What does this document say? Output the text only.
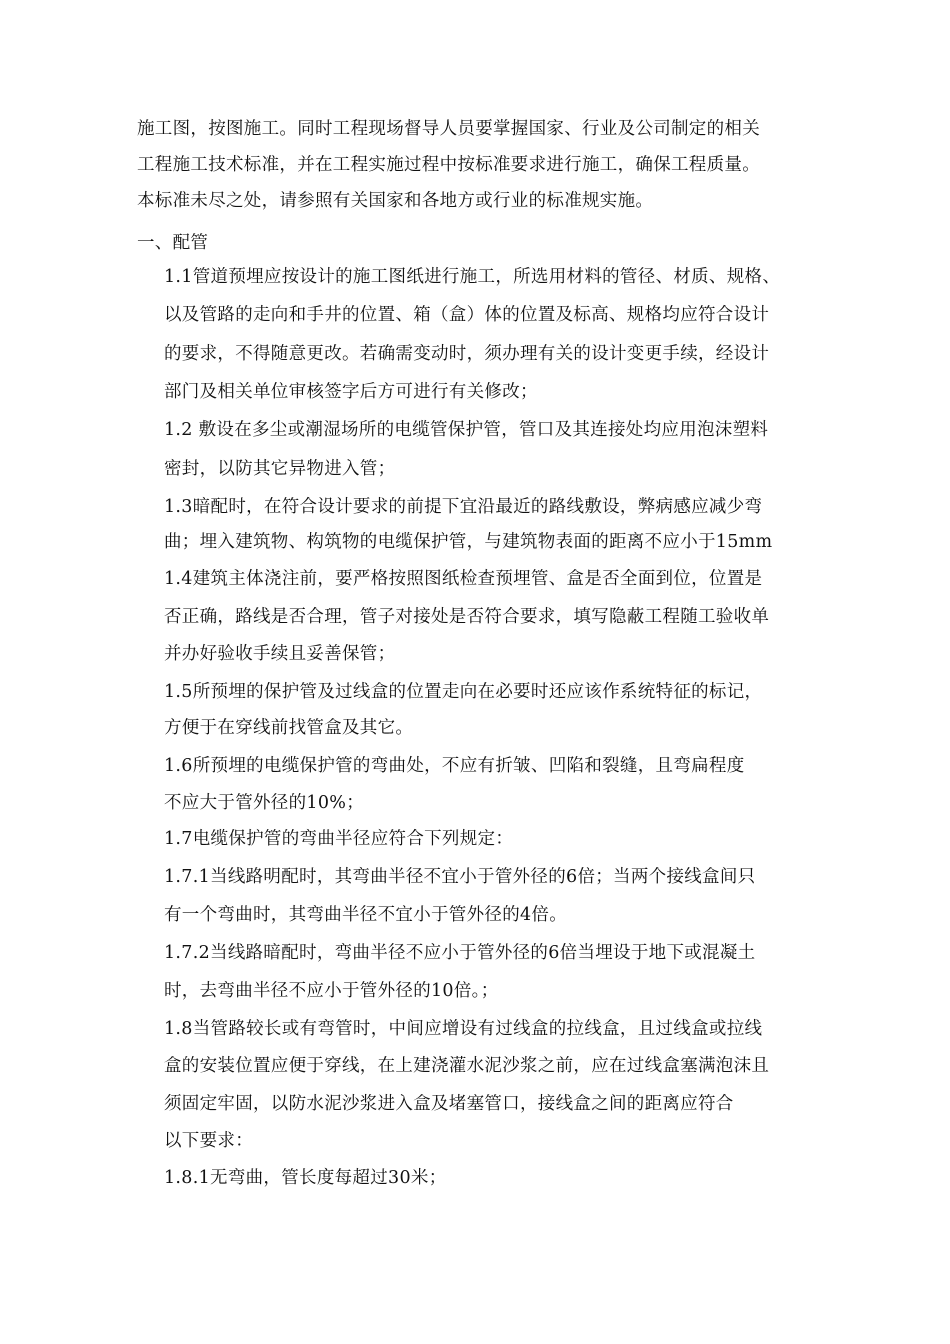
施工图，按图施工。同时工程现场督导人员要掌握国家、行业及公司制定的相关
工程施工技术标准，并在工程实施过程中按标准要求进行施工，确保工程质量。
本标准未尽之处，请参照有关国家和各地方或行业的标准规实施。
一、配管
1.1管道预埋应按设计的施工图纸进行施工，所选用材料的管径、材质、规格、
以及管路的走向和手井的位置、箱（盒）体的位置及标高、规格均应符合设计
的要求，不得随意更改。若确需变动时，须办理有关的设计变更手续，经设计
部门及相关单位审核签字后方可进行有关修改；
1.2 敷设在多尘或潮湿场所的电缆管保护管，管口及其连接处均应用泡沫塑料
密封，以防其它异物进入管；
1.3暗配时，在符合设计要求的前提下宜沿最近的路线敷设，弊病感应减少弯
曲；埋入建筑物、构筑物的电缆保护管，与建筑物表面的距离不应小于15mm
1.4建筑主体浇注前，要严格按照图纸检查预埋管、盒是否全面到位，位置是
否正确，路线是否合理，管子对接处是否符合要求，填写隐蔽工程随工验收单
并办好验收手续且妥善保管；
1.5所预埋的保护管及过线盒的位置走向在必要时还应该作系统特征的标记，
方便于在穿线前找管盒及其它。
1.6所预埋的电缆保护管的弯曲处，不应有折皱、凹陷和裂缝，且弯扁程度
不应大于管外径的10%；
1.7电缆保护管的弯曲半径应符合下列规定：
1.7.1当线路明配时，其弯曲半径不宜小于管外径的6倍；当两个接线盒间只
有一个弯曲时，其弯曲半径不宜小于管外径的4倍。
1.7.2当线路暗配时，弯曲半径不应小于管外径的6倍当埋设于地下或混凝土
时，去弯曲半径不应小于管外径的10倍。；
1.8当管路较长或有弯管时，中间应增设有过线盒的拉线盒，且过线盒或拉线
盒的安装位置应便于穿线，在上建浇灌水泥沙浆之前，应在过线盒塞满泡沫且
须固定牢固，以防水泥沙浆进入盒及堵塞管口，接线盒之间的距离应符合
以下要求：
1.8.1无弯曲，管长度每超过30米；
